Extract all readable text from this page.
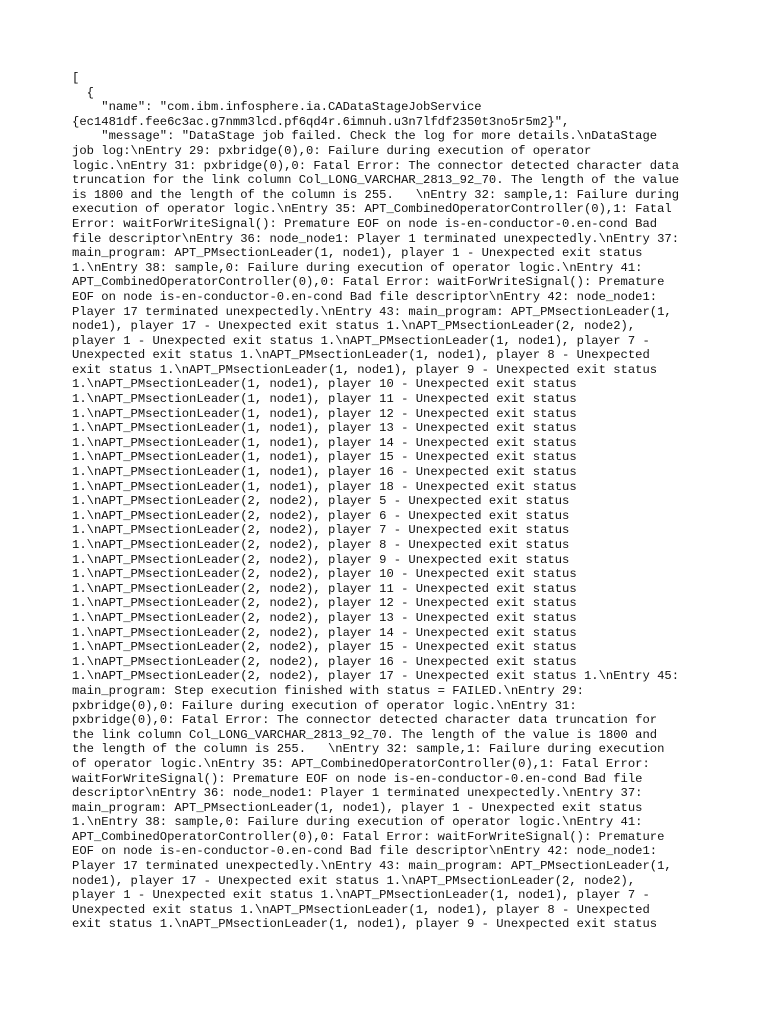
[
{
"name": "com.ibm.infosphere.ia.CADataStageJobService
{ec1481df.fee6c3ac.g7nmm3lcd.pf6qd4r.6imnuh.u3n7lfdf2350t3no5r5m2}",
"message": "DataStage job failed. Check the log for more details.\nDataStage
job log:\nEntry 29: pxbridge(0),0: Failure during execution of operator
logic.\nEntry 31: pxbridge(0),0: Fatal Error: The connector detected character data
truncation for the link column Col_LONG_VARCHAR_2813_92_70. The length of the value
is 1800 and the length of the column is 255.   \nEntry 32: sample,1: Failure during
execution of operator logic.\nEntry 35: APT_CombinedOperatorController(0),1: Fatal
Error: waitForWriteSignal(): Premature EOF on node is-en-conductor-0.en-cond Bad
file descriptor\nEntry 36: node_node1: Player 1 terminated unexpectedly.\nEntry 37:
main_program: APT_PMsectionLeader(1, node1), player 1 - Unexpected exit status
1.\nEntry 38: sample,0: Failure during execution of operator logic.\nEntry 41:
APT_CombinedOperatorController(0),0: Fatal Error: waitForWriteSignal(): Premature
EOF on node is-en-conductor-0.en-cond Bad file descriptor\nEntry 42: node_node1:
Player 17 terminated unexpectedly.\nEntry 43: main_program: APT_PMsectionLeader(1,
node1), player 17 - Unexpected exit status 1.\nAPT_PMsectionLeader(2, node2),
player 1 - Unexpected exit status 1.\nAPT_PMsectionLeader(1, node1), player 7 -
Unexpected exit status 1.\nAPT_PMsectionLeader(1, node1), player 8 - Unexpected
exit status 1.\nAPT_PMsectionLeader(1, node1), player 9 - Unexpected exit status
1.\nAPT_PMsectionLeader(1, node1), player 10 - Unexpected exit status
1.\nAPT_PMsectionLeader(1, node1), player 11 - Unexpected exit status
1.\nAPT_PMsectionLeader(1, node1), player 12 - Unexpected exit status
1.\nAPT_PMsectionLeader(1, node1), player 13 - Unexpected exit status
1.\nAPT_PMsectionLeader(1, node1), player 14 - Unexpected exit status
1.\nAPT_PMsectionLeader(1, node1), player 15 - Unexpected exit status
1.\nAPT_PMsectionLeader(1, node1), player 16 - Unexpected exit status
1.\nAPT_PMsectionLeader(1, node1), player 18 - Unexpected exit status
1.\nAPT_PMsectionLeader(2, node2), player 5 - Unexpected exit status
1.\nAPT_PMsectionLeader(2, node2), player 6 - Unexpected exit status
1.\nAPT_PMsectionLeader(2, node2), player 7 - Unexpected exit status
1.\nAPT_PMsectionLeader(2, node2), player 8 - Unexpected exit status
1.\nAPT_PMsectionLeader(2, node2), player 9 - Unexpected exit status
1.\nAPT_PMsectionLeader(2, node2), player 10 - Unexpected exit status
1.\nAPT_PMsectionLeader(2, node2), player 11 - Unexpected exit status
1.\nAPT_PMsectionLeader(2, node2), player 12 - Unexpected exit status
1.\nAPT_PMsectionLeader(2, node2), player 13 - Unexpected exit status
1.\nAPT_PMsectionLeader(2, node2), player 14 - Unexpected exit status
1.\nAPT_PMsectionLeader(2, node2), player 15 - Unexpected exit status
1.\nAPT_PMsectionLeader(2, node2), player 16 - Unexpected exit status
1.\nAPT_PMsectionLeader(2, node2), player 17 - Unexpected exit status 1.\nEntry 45:
main_program: Step execution finished with status = FAILED.\nEntry 29:
pxbridge(0),0: Failure during execution of operator logic.\nEntry 31:
pxbridge(0),0: Fatal Error: The connector detected character data truncation for
the link column Col_LONG_VARCHAR_2813_92_70. The length of the value is 1800 and
the length of the column is 255.   \nEntry 32: sample,1: Failure during execution
of operator logic.\nEntry 35: APT_CombinedOperatorController(0),1: Fatal Error:
waitForWriteSignal(): Premature EOF on node is-en-conductor-0.en-cond Bad file
descriptor\nEntry 36: node_node1: Player 1 terminated unexpectedly.\nEntry 37:
main_program: APT_PMsectionLeader(1, node1), player 1 - Unexpected exit status
1.\nEntry 38: sample,0: Failure during execution of operator logic.\nEntry 41:
APT_CombinedOperatorController(0),0: Fatal Error: waitForWriteSignal(): Premature
EOF on node is-en-conductor-0.en-cond Bad file descriptor\nEntry 42: node_node1:
Player 17 terminated unexpectedly.\nEntry 43: main_program: APT_PMsectionLeader(1,
node1), player 17 - Unexpected exit status 1.\nAPT_PMsectionLeader(2, node2),
player 1 - Unexpected exit status 1.\nAPT_PMsectionLeader(1, node1), player 7 -
Unexpected exit status 1.\nAPT_PMsectionLeader(1, node1), player 8 - Unexpected
exit status 1.\nAPT_PMsectionLeader(1, node1), player 9 - Unexpected exit status
